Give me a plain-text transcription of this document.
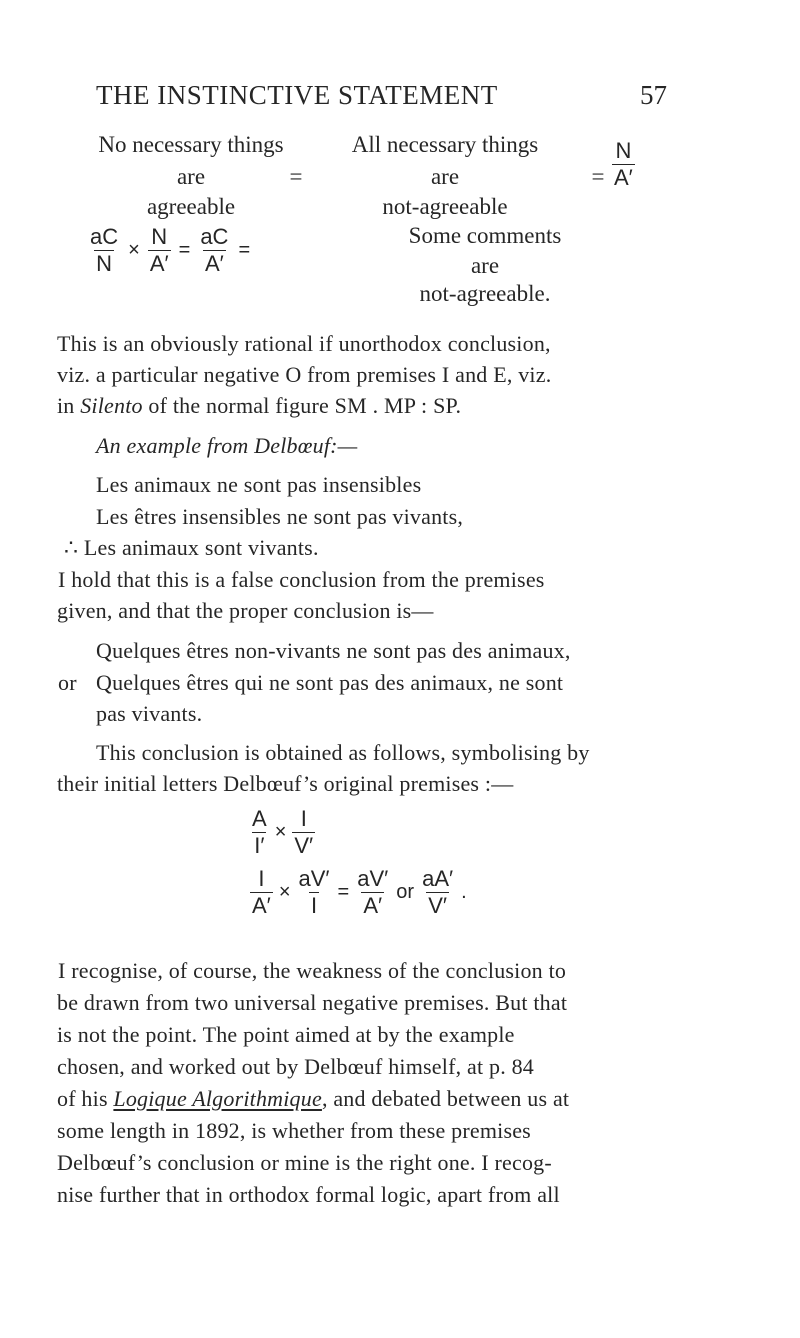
THE INSTINCTIVE STATEMENT	57
No necessary things
are
agreeable
=
All necessary things
are
not-agreeable
= $\frac{N}{A'}$
$\frac{aC}{N} \times \frac{N}{A'} = \frac{aC}{A'}$ =
Some comments
are
not-agreeable.
This is an obviously rational if unorthodox conclusion,
viz. a particular negative O from premises I and E, viz.
in Silento of the normal figure SM . MP : SP.
An example from Delbœuf:—
Les animaux ne sont pas insensibles
Les êtres insensibles ne sont pas vivants,
∴ Les animaux sont vivants.
I hold that this is a false conclusion from the premises
given, and that the proper conclusion is—
Quelques êtres non-vivants ne sont pas des animaux,
or Quelques êtres qui ne sont pas des animaux, ne sont
pas vivants.
This conclusion is obtained as follows, symbolising by
their initial letters Delbœuf’s original premises :—
$\frac{A}{I'} \times \frac{I}{V'}$
$\frac{I}{A'} \times \frac{aV'}{I} = \frac{aV'}{A'}$ or $\frac{aA'}{V'}$ .
I recognise, of course, the weakness of the conclusion to
be drawn from two universal negative premises. But that
is not the point. The point aimed at by the example
chosen, and worked out by Delbœuf himself, at p. 84
of his Logique Algorithmique, and debated between us at
some length in 1892, is whether from these premises
Delbœuf’s conclusion or mine is the right one. I recog-
nise further that in orthodox formal logic, apart from all
